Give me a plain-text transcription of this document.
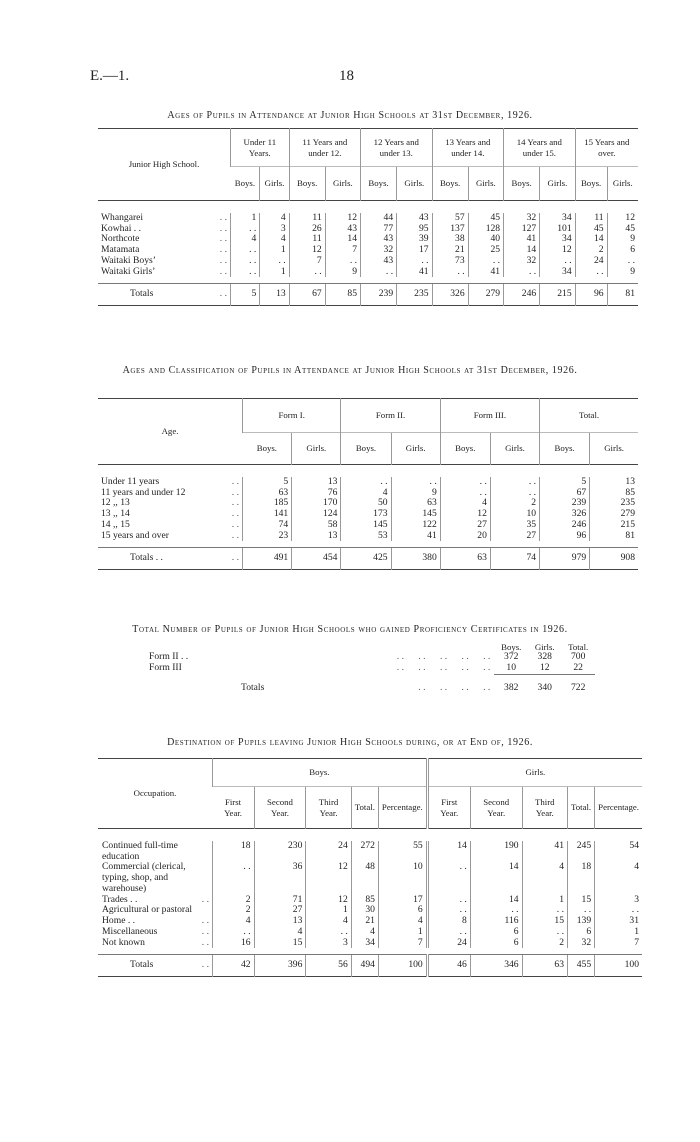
E.—1.	18
Ages of Pupils in Attendance at Junior High Schools at 31st December, 1926.
Junior High School.	Under 11 Years.		11 Years and under 12.		12 Years and under 13.		13 Years and under 14.		14 Years and under 15.		15 Years and over.	
	Boys.	Girls.	Boys.	Girls.	Boys.	Girls.	Boys.	Girls.	Boys.	Girls.	Boys.	Girls.

Whangarei . .	1	4	11	12	44	43	57	45	32	34	11	12
Kowhai . . . .	. .	3	26	43	77	95	137	128	127	101	45	45
Northcote . .	4	4	11	14	43	39	38	40	41	34	14	9
Matamata . .	. .	1	12	7	32	17	21	25	14	12	2	6
Waitaki Boys’ . .	. .	. .	7	. .	43	. .	73	. .	32	. .	24	. .
Waitaki Girls’ . .	. .	1	. .	9	. .	41	. .	41	. .	34	. .	9

Totals . .	5	13	67	85	239	235	326	279	246	215	96	81
Ages and Classification of Pupils in Attendance at Junior High Schools at 31st December, 1926.
Age.	Form I.		Form II.		Form III.		Total.	
	Boys.	Girls.	Boys.	Girls.	Boys.	Girls.	Boys.	Girls.

Under 11 years . .	5	13	. .	. .	. .	. .	5	13
11 years and under 12 . .	63	76	4	9	. .	. .	67	85
12 ,, 13 . .	185	170	50	63	4	2	239	235
13 ,, 14 . .	141	124	173	145	12	10	326	279
14 ,, 15 . .	74	58	145	122	27	35	246	215
15 years and over . .	23	13	53	41	20	27	96	81

Totals . . . .	491	454	425	380	63	74	979	908
Total Number of Pupils of Junior High Schools who gained Proficiency Certificates in 1926.
		Boys.	Girls.	Total.
Form II . .	. .      . .      . .      . .      . .	372	328	700
Form III	. .      . .      . .      . .      . .	10	12	22

Totals	. .      . .      . .      . .	382	340	722
Destination of Pupils leaving Junior High Schools during, or at End of, 1926.
Occupation.	Boys.					Girls.				
	First Year.	Second Year.	Third Year.	Total.	Percentage.	First Year.	Second Year.	Third Year.	Total.	Percentage.

Continued full-time education	18	230	24	272	55	14	190	41	245	54
Commercial (clerical, typing, shop, and warehouse)	. .	36	12	48	10	. .	14	4	18	4
Trades . . . .	2	71	12	85	17	. .	14	1	15	3
Agricultural or pastoral	2	27	1	30	6	. .	. .	. .	. .	. .
Home . . . .	4	13	4	21	4	8	116	15	139	31
Miscellaneous . .	. .	4	. .	4	1	. .	6	. .	6	1
Not known . .	16	15	3	34	7	24	6	2	32	7

Totals . .	42	396	56	494	100	46	346	63	455	100
